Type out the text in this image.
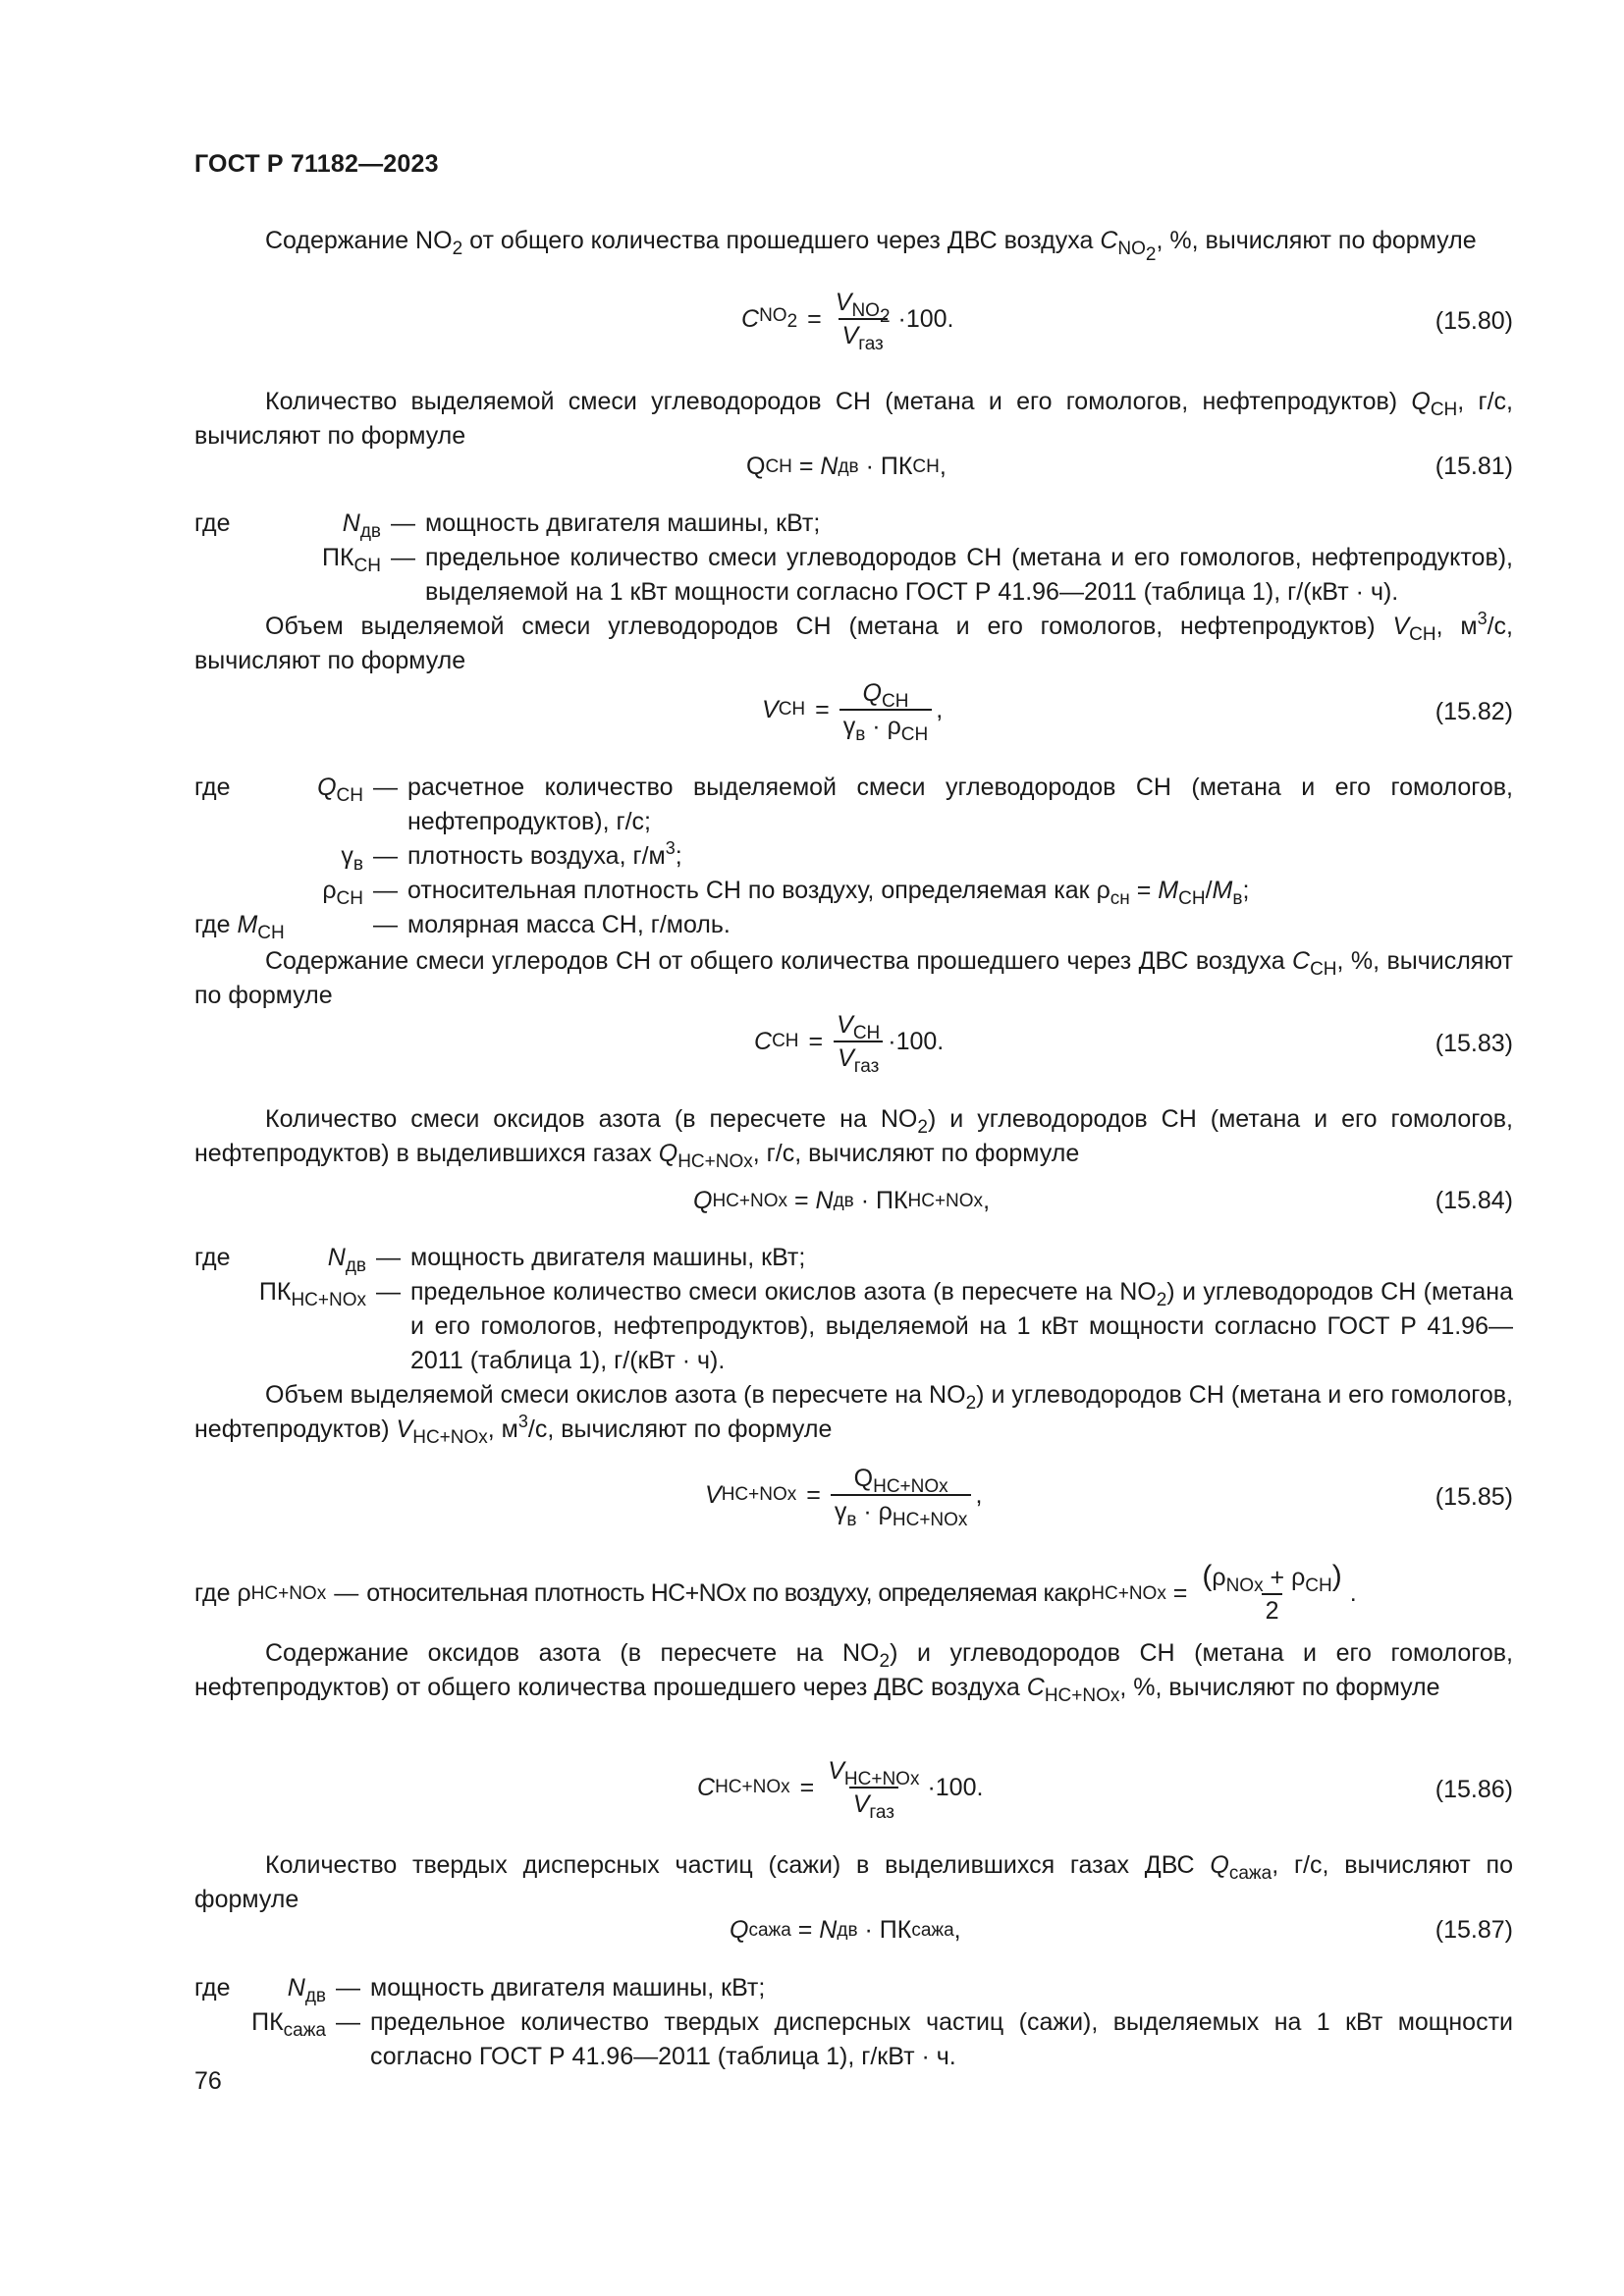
ГОСТ Р 71182—2023
Содержание $NO_2$ от общего количества прошедшего через ДВС воздуха $C_{NO_2}$, %, вычисляют по формуле
C $NO_2 = \frac{V_{NO_2}}{V_{газ}} \cdot 100$.	(15.80)
Количество выделяемой смеси углеводородов СН (метана и его гомологов, нефтепродуктов) $Q_{CH}$, г/с, вычисляют по формуле
Q CH = N дв · ПК CH ,	(15.81)
где	$N_{дв}$ — мощность двигателя машины, кВт;
$ПК_{CH}$ — предельное количество смеси углеводородов СН (метана и его гомологов, нефтепродуктов), выделяемой на 1 кВт мощности согласно ГОСТ Р 41.96—2011 (таблица 1), г/(кВт · ч).
Объем выделяемой смеси углеводородов СН (метана и его гомологов, нефтепродуктов) $V_{CH}$, $м^3/с$, вычисляют по формуле
V CH = $\frac{Q_{CH}}{\gamma_в \cdot \rho_{CH}}$ ,	(15.82)
где	$Q_{CH}$ — расчетное количество выделяемой смеси углеводородов СН (метана и его гомологов, нефтепродуктов), г/с;
$\gamma_в$ — плотность воздуха, $г/м^3$;
$\rho_{CH}$ — относительная плотность СН по воздуху, определяемая как $\rho_{сн} = M_{CH}/M_в$;
где $M_{CH}$	— молярная масса СН, г/моль.
Содержание смеси углеродов СН от общего количества прошедшего через ДВС воздуха $C_{CH}$, %, вычисляют по формуле
C CH = $\frac{V_{CH}}{V_{газ}} \cdot 100$.	(15.83)
Количество смеси оксидов азота (в пересчете на $NO_2$) и углеводородов СН (метана и его гомологов, нефтепродуктов) в выделившихся газах $Q_{HC+NOx}$, г/с, вычисляют по формуле
Q HC+NOx = N дв · ПК HC+NOx ,	(15.84)
где	$N_{дв}$ — мощность двигателя машины, кВт;
$ПК_{HC+NOx}$ — предельное количество смеси окислов азота (в пересчете на $NO_2$) и углеводородов СН (метана и его гомологов, нефтепродуктов), выделяемой на 1 кВт мощности согласно ГОСТ Р 41.96—2011 (таблица 1), г/(кВт · ч).
Объем выделяемой смеси окислов азота (в пересчете на $NO_2$) и углеводородов СН (метана и его гомологов, нефтепродуктов) $V_{HC+NOx}$, $м^3/с$, вычисляют по формуле
V $HC+NOx = \frac{Q_{HC+NOx}}{\gamma_в \cdot \rho_{HC+NOx}}$ ,	(15.85)
где ρ HC+NOx — относительная плотность HC+NOx по воздуху, определяемая как ρ $HC+NOx = \frac{(\rho_{NOx} + \rho_{CH})}{2}$ .
Содержание оксидов азота (в пересчете на $NO_2$) и углеводородов СН (метана и его гомологов, нефтепродуктов) от общего количества прошедшего через ДВС воздуха $C_{HC+NOx}$, %, вычисляют по формуле
C $HC+NOx = \frac{V_{HC+NOx}}{V_{газ}} \cdot 100$.	(15.86)
Количество твердых дисперсных частиц (сажи) в выделившихся газах ДВС $Q_{сажа}$, г/с, вычисляют по формуле
Q сажа = N дв · ПК сажа ,	(15.87)
где	$N_{дв}$ — мощность двигателя машины, кВт;
$ПК_{сажа}$ — предельное количество твердых дисперсных частиц (сажи), выделяемых на 1 кВт мощности согласно ГОСТ Р 41.96—2011 (таблица 1), г/кВт · ч.
76
